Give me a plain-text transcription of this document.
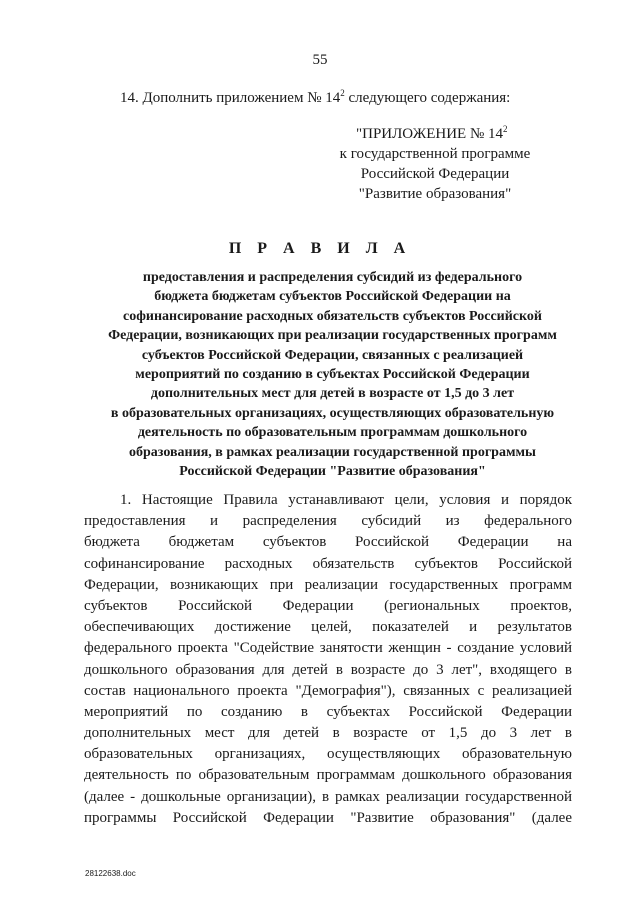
55
14. Дополнить приложением № $14^2$ следующего содержания:
"ПРИЛОЖЕНИЕ № $14^2$
к государственной программе
Российской Федерации
"Развитие образования"
П Р А В И Л А
предоставления и распределения субсидий из федерального
бюджета бюджетам субъектов Российской Федерации на
софинансирование расходных обязательств субъектов Российской
Федерации, возникающих при реализации государственных программ
субъектов Российской Федерации, связанных с реализацией
мероприятий по созданию в субъектах Российской Федерации
дополнительных мест для детей в возрасте от 1,5 до 3 лет
в образовательных организациях, осуществляющих образовательную
деятельность по образовательным программам дошкольного
образования, в рамках реализации государственной программы
Российской Федерации "Развитие образования"
1. Настоящие Правила устанавливают цели, условия и порядок
предоставления и распределения субсидий из федерального
бюджета бюджетам субъектов Российской Федерации на
софинансирование расходных обязательств субъектов Российской
Федерации, возникающих при реализации государственных программ
субъектов Российской Федерации (региональных проектов,
обеспечивающих достижение целей, показателей и результатов
федерального проекта "Содействие занятости женщин - создание условий
дошкольного образования для детей в возрасте до 3 лет", входящего в
состав национального проекта "Демография"), связанных с реализацией
мероприятий по созданию в субъектах Российской Федерации
дополнительных мест для детей в возрасте от 1,5 до 3 лет в
образовательных организациях, осуществляющих образовательную
деятельность по образовательным программам дошкольного образования
(далее - дошкольные организации), в рамках реализации государственной
программы Российской Федерации "Развитие образования" (далее
28122638.doc
